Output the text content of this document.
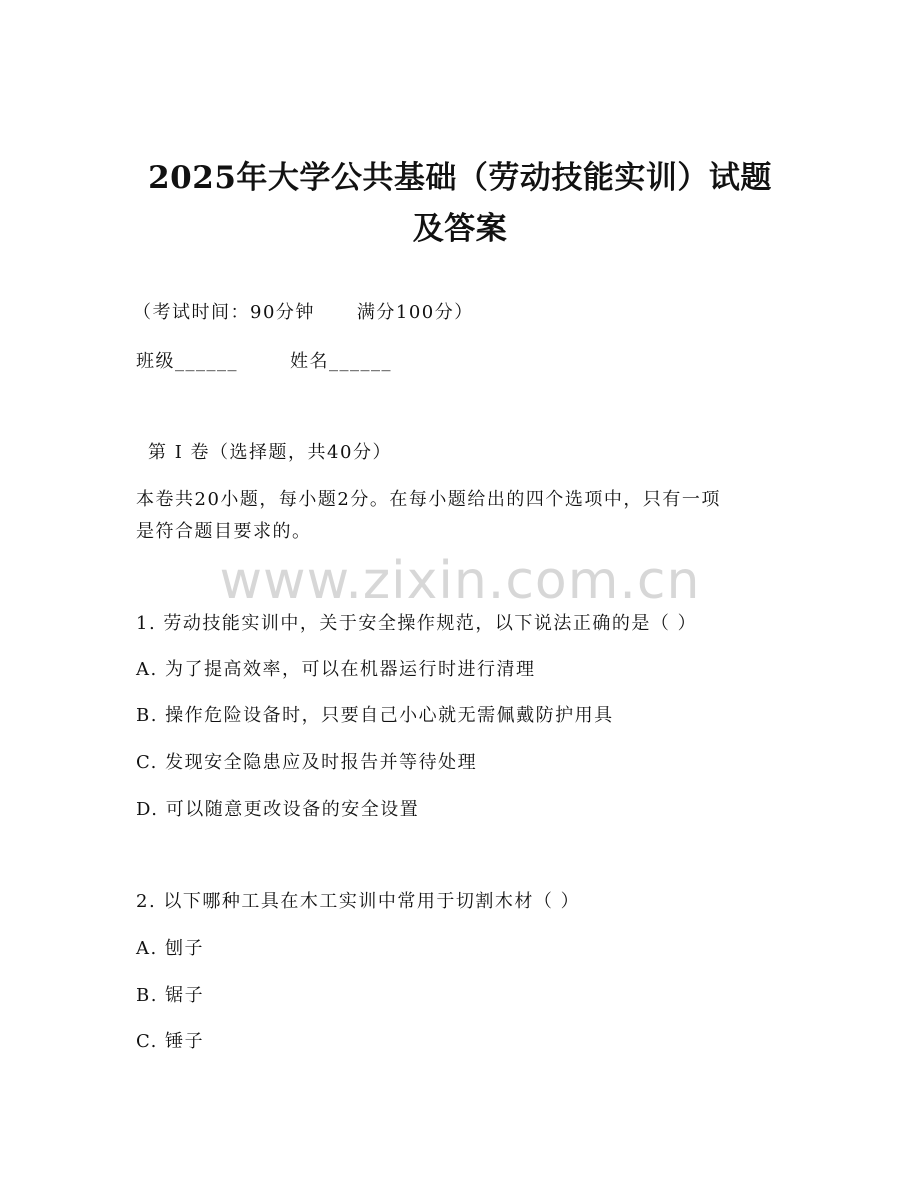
2025年大学公共基础（劳动技能实训）试题
及答案
（考试时间：90分钟 满分100分）
班级______	姓名______
第 I 卷（选择题，共40分）
本卷共20小题，每小题2分。在每小题给出的四个选项中，只有一项
是符合题目要求的。
www.zixin.com.cn
1. 劳动技能实训中，关于安全操作规范，以下说法正确的是（ ）
A. 为了提高效率，可以在机器运行时进行清理
B. 操作危险设备时，只要自己小心就无需佩戴防护用具
C. 发现安全隐患应及时报告并等待处理
D. 可以随意更改设备的安全设置
2. 以下哪种工具在木工实训中常用于切割木材（ ）
A. 刨子
B. 锯子
C. 锤子
